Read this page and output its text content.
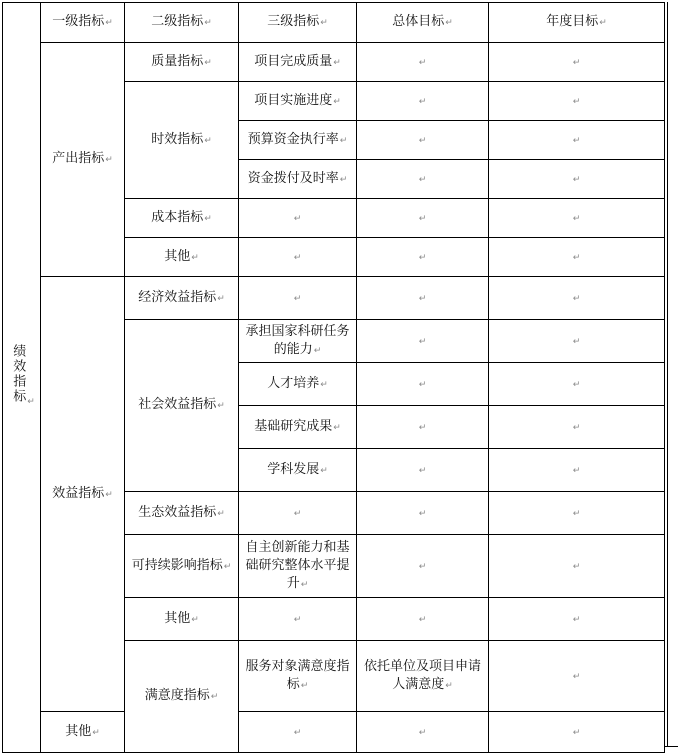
绩效指标 ↵	一级指标↵	二级指标↵	三级指标↵	总体目标↵	年度目标↵	
	产出指标↵	质量指标↵	项目完成质量↵	↵	↵	
		时效指标↵	项目实施进度↵	↵	↵	
			预算资金执行率↵	↵	↵	
			资金拨付及时率↵	↵	↵	
		成本指标↵	↵	↵	↵	
		其他↵	↵	↵	↵	
	效益指标↵	经济效益指标↵	↵	↵	↵	
		社会效益指标↵	承担国家科研任务的能力↵	↵	↵	
			人才培养↵	↵	↵	
			基础研究成果↵	↵	↵	
			学科发展↵	↵	↵	
		生态效益指标↵	↵	↵	↵	
		可持续影响指标↵	自主创新能力和基础研究整体水平提升↵	↵	↵	
		其他↵	↵	↵	↵	
		满意度指标↵	服务对象满意度指标↵	依托单位及项目申请人满意度↵	↵	
	其他↵		↵	↵	↵	
